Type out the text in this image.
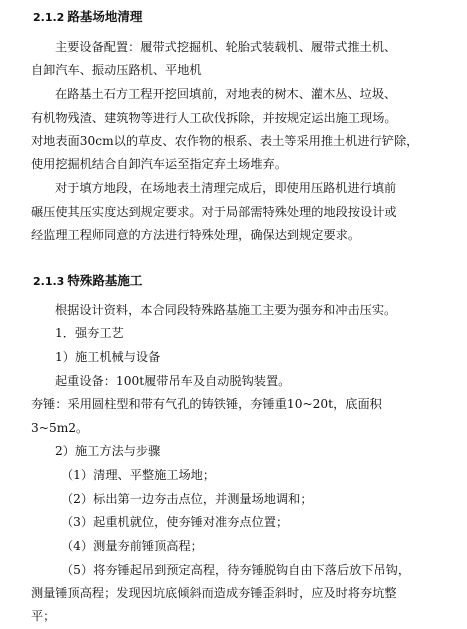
2.1.2 路基场地清理
主要设备配置：履带式挖掘机、轮胎式装载机、履带式推土机、
自卸汽车、振动压路机、平地机
在路基土石方工程开挖回填前，对地表的树木、灌木丛、垃圾、
有机物残渣、建筑物等进行人工砍伐拆除，并按规定运出施工现场。
对地表面30cm以的草皮、农作物的根系、表土等采用推土机进行铲除，
使用挖掘机结合自卸汽车运至指定弃土场堆弃。
对于填方地段，在场地表土清理完成后，即使用压路机进行填前
碾压使其压实度达到规定要求。对于局部需特殊处理的地段按设计或
经监理工程师同意的方法进行特殊处理，确保达到规定要求。
2.1.3 特殊路基施工
根据设计资料，本合同段特殊路基施工主要为强夯和冲击压实。
1．强夯工艺
1）施工机械与设备
起重设备：100t履带吊车及自动脱钩装置。
夯锤：采用圆柱型和带有气孔的铸铁锤，夯锤重10~20t，底面积
3~5m2。
2）施工方法与步骤
（1）清理、平整施工场地；
（2）标出第一边夯击点位，并测量场地调和；
（3）起重机就位，使夯锤对准夯点位置；
（4）测量夯前锤顶高程；
（5）将夯锤起吊到预定高程，待夯锤脱钩自由下落后放下吊钩，
测量锤顶高程；发现因坑底倾斜而造成夯锤歪斜时，应及时将夯坑整
平；
